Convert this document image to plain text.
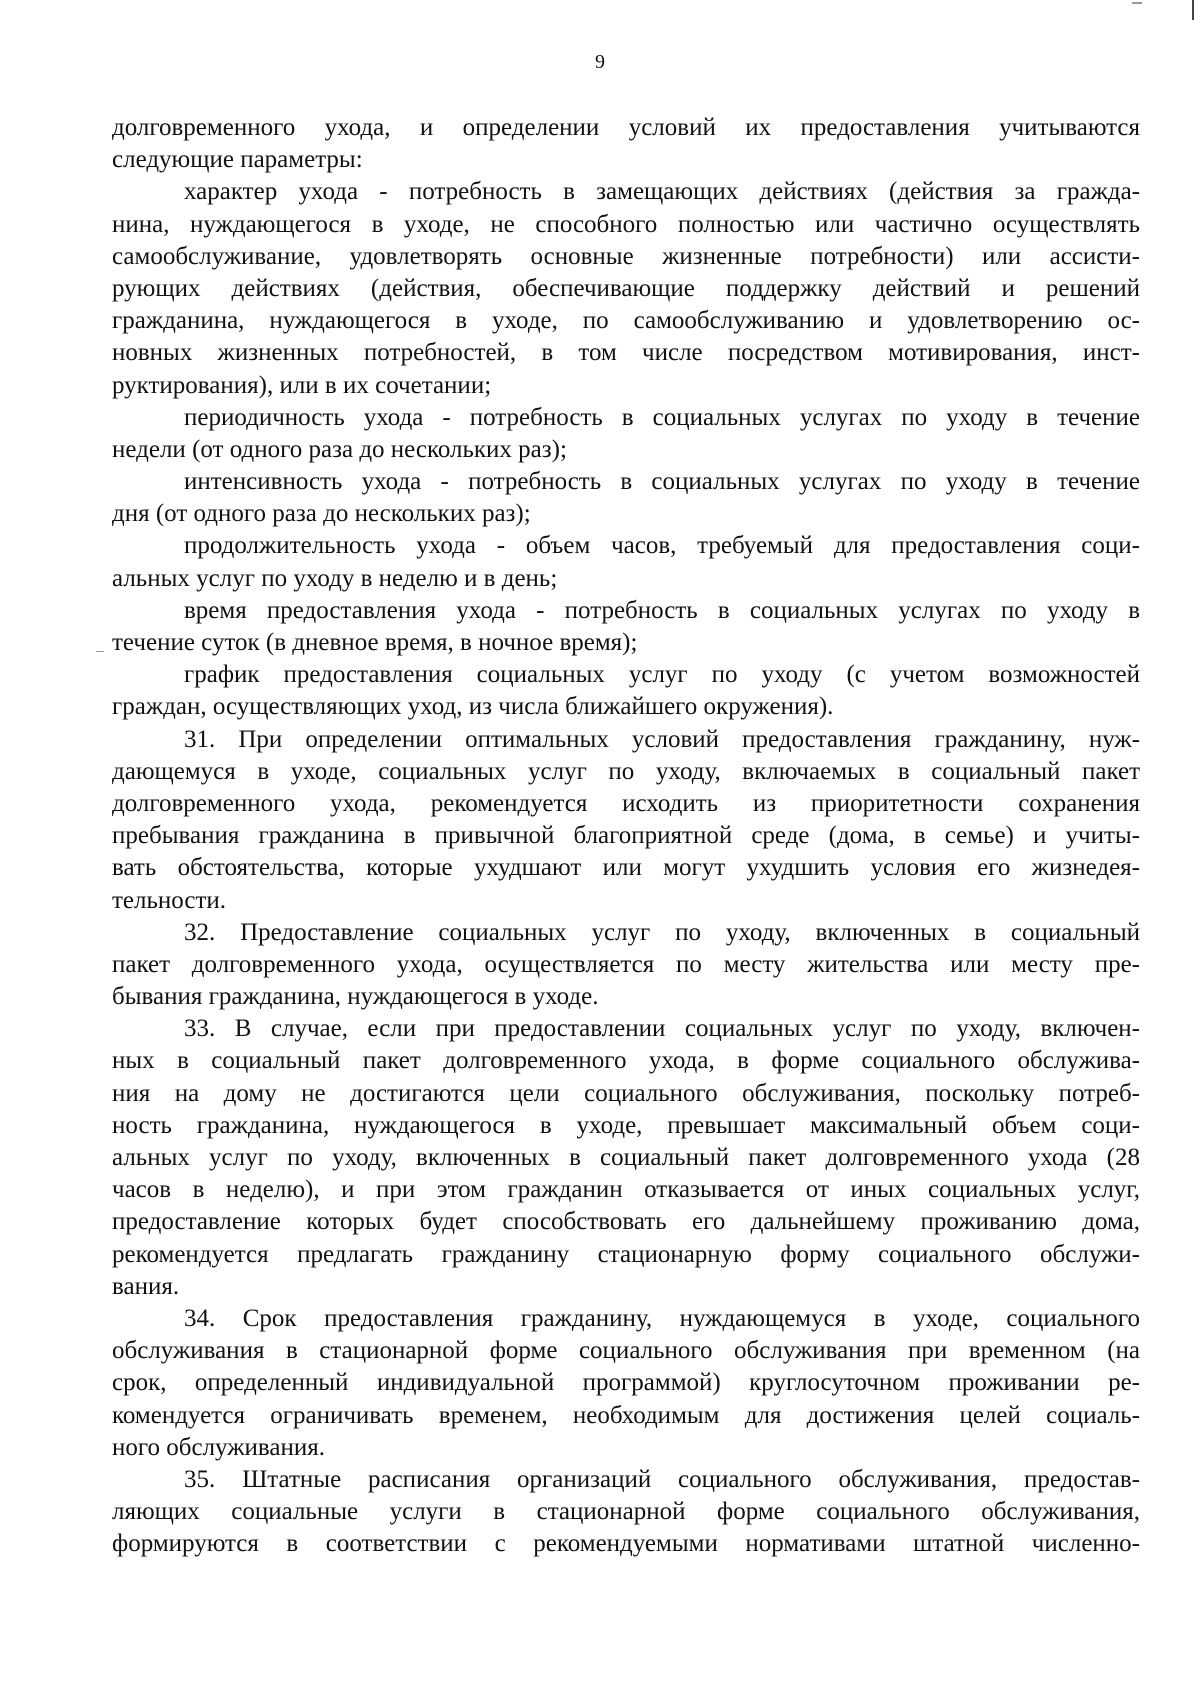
9
долговременного ухода, и определении условий их предоставления учитываются
следующие параметры:
характер ухода - потребность в замещающих действиях (действия за гражда-
нина, нуждающегося в уходе, не способного полностью или частично осуществлять
самообслуживание, удовлетворять основные жизненные потребности) или ассисти-
рующих действиях (действия, обеспечивающие поддержку действий и решений
гражданина, нуждающегося в уходе, по самообслуживанию и удовлетворению ос-
новных жизненных потребностей, в том числе посредством мотивирования, инст-
руктирования), или в их сочетании;
периодичность ухода - потребность в социальных услугах по уходу в течение
недели (от одного раза до нескольких раз);
интенсивность ухода - потребность в социальных услугах по уходу в течение
дня (от одного раза до нескольких раз);
продолжительность ухода - объем часов, требуемый для предоставления соци-
альных услуг по уходу в неделю и в день;
время предоставления ухода - потребность в социальных услугах по уходу в
течение суток (в дневное время, в ночное время);
график предоставления социальных услуг по уходу (с учетом возможностей
граждан, осуществляющих уход, из числа ближайшего окружения).
31. При определении оптимальных условий предоставления гражданину, нуж-
дающемуся в уходе, социальных услуг по уходу, включаемых в социальный пакет
долговременного ухода, рекомендуется исходить из приоритетности сохранения
пребывания гражданина в привычной благоприятной среде (дома, в семье) и учиты-
вать обстоятельства, которые ухудшают или могут ухудшить условия его жизнедея-
тельности.
32. Предоставление социальных услуг по уходу, включенных в социальный
пакет долговременного ухода, осуществляется по месту жительства или месту пре-
бывания гражданина, нуждающегося в уходе.
33. В случае, если при предоставлении социальных услуг по уходу, включен-
ных в социальный пакет долговременного ухода, в форме социального обслужива-
ния на дому не достигаются цели социального обслуживания, поскольку потреб-
ность гражданина, нуждающегося в уходе, превышает максимальный объем соци-
альных услуг по уходу, включенных в социальный пакет долговременного ухода (28
часов в неделю), и при этом гражданин отказывается от иных социальных услуг,
предоставление которых будет способствовать его дальнейшему проживанию дома,
рекомендуется предлагать гражданину стационарную форму социального обслужи-
вания.
34. Срок предоставления гражданину, нуждающемуся в уходе, социального
обслуживания в стационарной форме социального обслуживания при временном (на
срок, определенный индивидуальной программой) круглосуточном проживании ре-
комендуется ограничивать временем, необходимым для достижения целей социаль-
ного обслуживания.
35. Штатные расписания организаций социального обслуживания, предостав-
ляющих социальные услуги в стационарной форме социального обслуживания,
формируются в соответствии с рекомендуемыми нормативами штатной численно-
